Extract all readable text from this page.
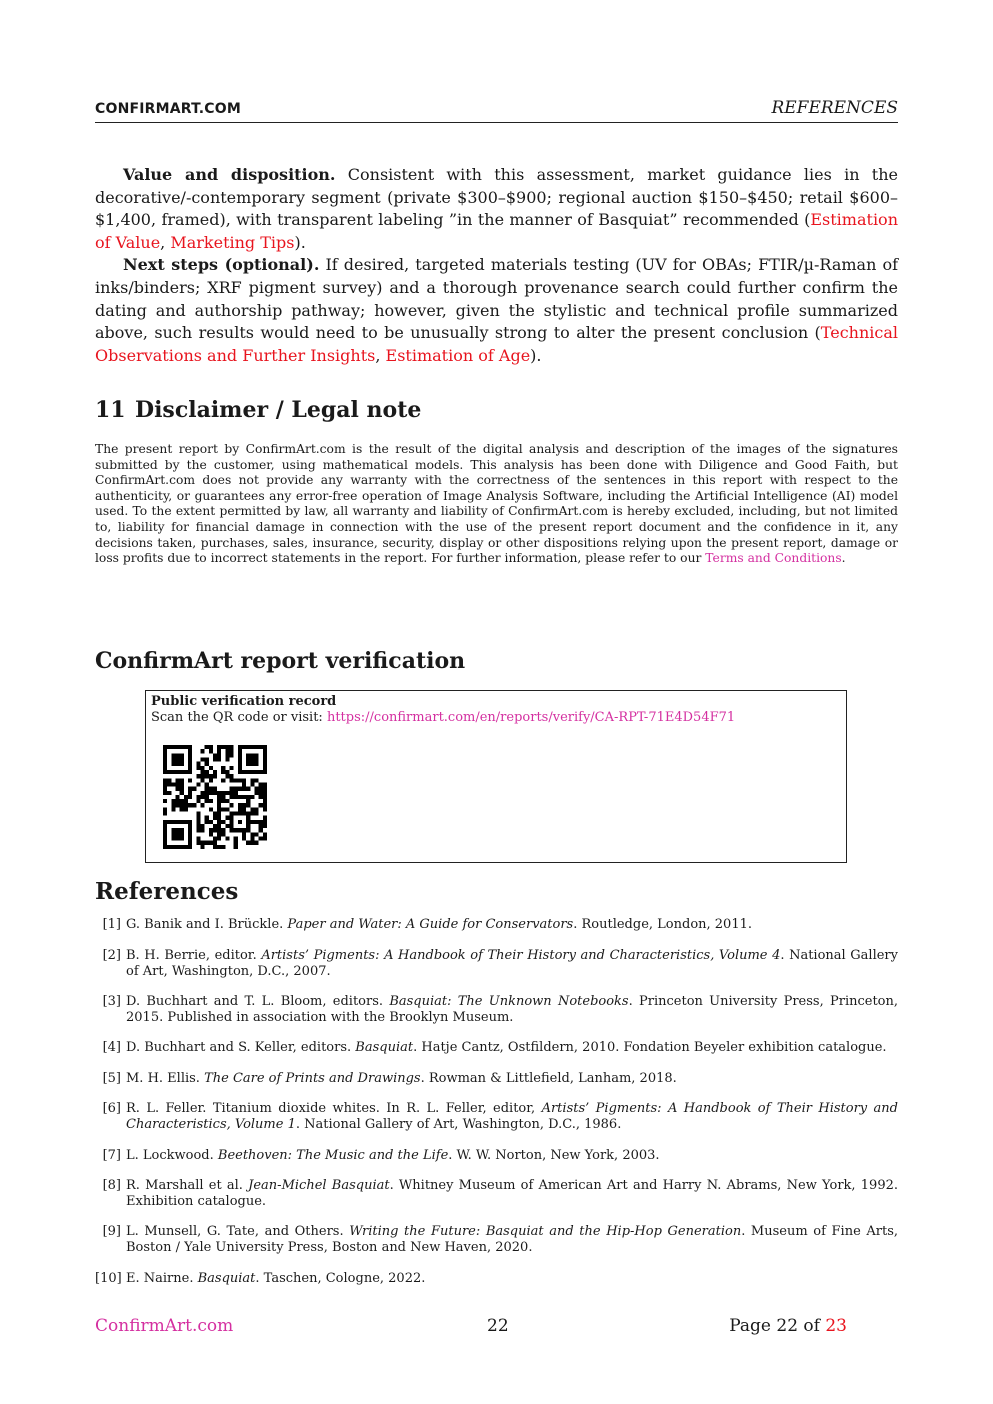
CONFIRMART.COM	REFERENCES

Value and disposition. Consistent with this assessment, market guidance lies in the decorative/-contemporary segment (private $300–$900; regional auction $150–$450; retail $600–$1,400, framed), with transparent labeling ”in the manner of Basquiat” recommended (Estimation of Value, Marketing Tips).

Next steps (optional). If desired, targeted materials testing (UV for OBAs; FTIR/µ-Raman of inks/binders; XRF pigment survey) and a thorough provenance search could further confirm the dating and authorship pathway; however, given the stylistic and technical profile summarized above, such results would need to be unusually strong to alter the present conclusion (Technical Observations and Further Insights, Estimation of Age).

11 Disclaimer / Legal note
The present report by ConfirmArt.com is the result of the digital analysis and description of the images of the signatures submitted by the customer, using mathematical models. This analysis has been done with Diligence and Good Faith, but ConfirmArt.com does not provide any warranty with the correctness of the sentences in this report with respect to the authenticity, or guarantees any error-free operation of Image Analysis Software, including the Artificial Intelligence (AI) model used. To the extent permitted by law, all warranty and liability of ConfirmArt.com is hereby excluded, including, but not limited to, liability for financial damage in connection with the use of the present report document and the confidence in it, any decisions taken, purchases, sales, insurance, security, display or other dispositions relying upon the present report, damage or loss profits due to incorrect statements in the report. For further information, please refer to our Terms and Conditions.
ConfirmArt report verification
Public verification record
Scan the QR code or visit: https://confirmart.com/en/reports/verify/CA-RPT-71E4D54F71
References
[1] G. Banik and I. Brückle. Paper and Water: A Guide for Conservators. Routledge, London, 2011.
[2] B. H. Berrie, editor. Artists’ Pigments: A Handbook of Their History and Characteristics, Volume 4. National Gallery of Art, Washington, D.C., 2007.
[3] D. Buchhart and T. L. Bloom, editors. Basquiat: The Unknown Notebooks. Princeton University Press, Princeton, 2015. Published in association with the Brooklyn Museum.
[4] D. Buchhart and S. Keller, editors. Basquiat. Hatje Cantz, Ostfildern, 2010. Fondation Beyeler exhibition catalogue.
[5] M. H. Ellis. The Care of Prints and Drawings. Rowman & Littlefield, Lanham, 2018.
[6] R. L. Feller. Titanium dioxide whites. In R. L. Feller, editor, Artists’ Pigments: A Handbook of Their History and Characteristics, Volume 1. National Gallery of Art, Washington, D.C., 1986.
[7] L. Lockwood. Beethoven: The Music and the Life. W. W. Norton, New York, 2003.
[8] R. Marshall et al. Jean-Michel Basquiat. Whitney Museum of American Art and Harry N. Abrams, New York, 1992. Exhibition catalogue.
[9] L. Munsell, G. Tate, and Others. Writing the Future: Basquiat and the Hip-Hop Generation. Museum of Fine Arts, Boston / Yale University Press, Boston and New Haven, 2020.
[10] E. Nairne. Basquiat. Taschen, Cologne, 2022.
ConfirmArt.com	22	Page 22 of 23
